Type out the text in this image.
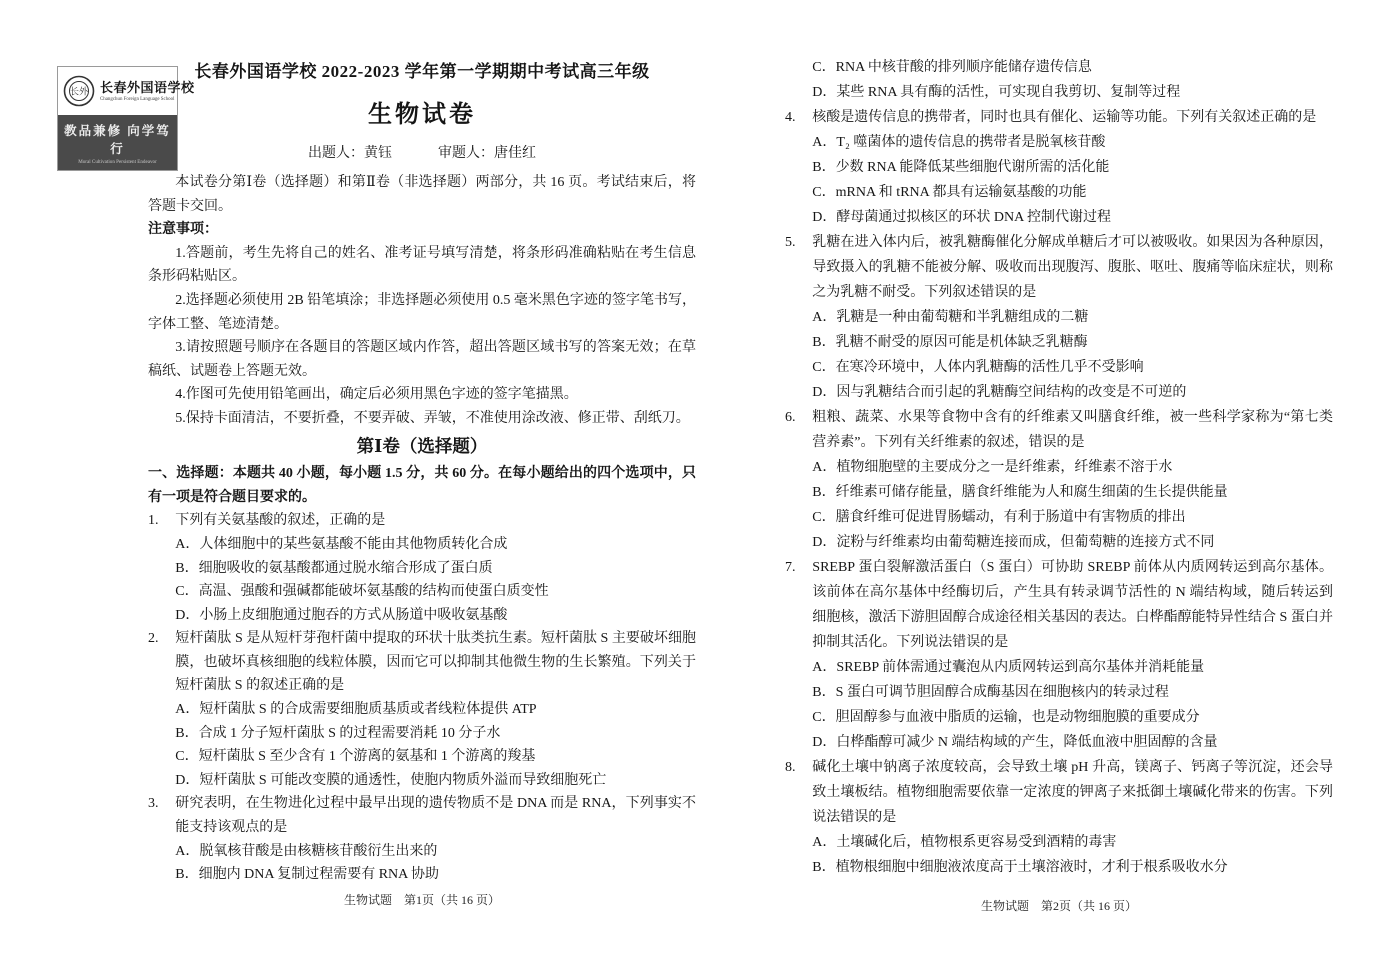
长外 长春外国语学校
Changchun Foreign Language School
教品兼修 向学笃行
Moral Cultivation Persistent Endeavor
长春外国语学校 2022-2023 学年第一学期期中考试高三年级
生物试卷
出题人：黄钰	审题人：唐佳红
本试卷分第Ⅰ卷（选择题）和第Ⅱ卷（非选择题）两部分，共 16 页。考试结束后，将答题卡交回。
注意事项：
1.答题前，考生先将自己的姓名、准考证号填写清楚，将条形码准确粘贴在考生信息条形码粘贴区。
2.选择题必须使用 2B 铅笔填涂；非选择题必须使用 0.5 毫米黑色字迹的签字笔书写，字体工整、笔迹清楚。
3.请按照题号顺序在各题目的答题区域内作答，超出答题区域书写的答案无效；在草稿纸、试题卷上答题无效。
4.作图可先使用铅笔画出，确定后必须用黑色字迹的签字笔描黑。
5.保持卡面清洁，不要折叠，不要弄破、弄皱，不准使用涂改液、修正带、刮纸刀。
第Ⅰ卷（选择题）
一、选择题：本题共 40 小题，每小题 1.5 分，共 60 分。在每小题给出的四个选项中，只有一项是符合题目要求的。
1. 下列有关氨基酸的叙述，正确的是
A．人体细胞中的某些氨基酸不能由其他物质转化合成
B．细胞吸收的氨基酸都通过脱水缩合形成了蛋白质
C．高温、强酸和强碱都能破坏氨基酸的结构而使蛋白质变性
D．小肠上皮细胞通过胞吞的方式从肠道中吸收氨基酸
2. 短杆菌肽 S 是从短杆芽孢杆菌中提取的环状十肽类抗生素。短杆菌肽 S 主要破坏细胞膜，也破坏真核细胞的线粒体膜，因而它可以抑制其他微生物的生长繁殖。下列关于短杆菌肽 S 的叙述正确的是
A．短杆菌肽 S 的合成需要细胞质基质或者线粒体提供 ATP
B．合成 1 分子短杆菌肽 S 的过程需要消耗 10 分子水
C．短杆菌肽 S 至少含有 1 个游离的氨基和 1 个游离的羧基
D．短杆菌肽 S 可能改变膜的通透性，使胞内物质外溢而导致细胞死亡
3. 研究表明，在生物进化过程中最早出现的遗传物质不是 DNA 而是 RNA，下列事实不能支持该观点的是
A．脱氧核苷酸是由核糖核苷酸衍生出来的
B．细胞内 DNA 复制过程需要有 RNA 协助
C．RNA 中核苷酸的排列顺序能储存遗传信息
D．某些 RNA 具有酶的活性，可实现自我剪切、复制等过程
4. 核酸是遗传信息的携带者，同时也具有催化、运输等功能。下列有关叙述正确的是
A．T₂ 噬菌体的遗传信息的携带者是脱氧核苷酸
B．少数 RNA 能降低某些细胞代谢所需的活化能
C．mRNA 和 tRNA 都具有运输氨基酸的功能
D．酵母菌通过拟核区的环状 DNA 控制代谢过程
5. 乳糖在进入体内后，被乳糖酶催化分解成单糖后才可以被吸收。如果因为各种原因，导致摄入的乳糖不能被分解、吸收而出现腹泻、腹胀、呕吐、腹痛等临床症状，则称之为乳糖不耐受。下列叙述错误的是
A．乳糖是一种由葡萄糖和半乳糖组成的二糖
B．乳糖不耐受的原因可能是机体缺乏乳糖酶
C．在寒冷环境中，人体内乳糖酶的活性几乎不受影响
D．因与乳糖结合而引起的乳糖酶空间结构的改变是不可逆的
6. 粗粮、蔬菜、水果等食物中含有的纤维素又叫膳食纤维，被一些科学家称为“第七类营养素”。下列有关纤维素的叙述，错误的是
A．植物细胞壁的主要成分之一是纤维素，纤维素不溶于水
B．纤维素可储存能量，膳食纤维能为人和腐生细菌的生长提供能量
C．膳食纤维可促进胃肠蠕动，有利于肠道中有害物质的排出
D．淀粉与纤维素均由葡萄糖连接而成，但葡萄糖的连接方式不同
7. SREBP 蛋白裂解激活蛋白（S 蛋白）可协助 SREBP 前体从内质网转运到高尔基体。该前体在高尔基体中经酶切后，产生具有转录调节活性的 N 端结构域，随后转运到细胞核，激活下游胆固醇合成途径相关基因的表达。白桦酯醇能特异性结合 S 蛋白并抑制其活化。下列说法错误的是
A．SREBP 前体需通过囊泡从内质网转运到高尔基体并消耗能量
B．S 蛋白可调节胆固醇合成酶基因在细胞核内的转录过程
C．胆固醇参与血液中脂质的运输，也是动物细胞膜的重要成分
D．白桦酯醇可减少 N 端结构域的产生，降低血液中胆固醇的含量
8. 碱化土壤中钠离子浓度较高，会导致土壤 pH 升高，镁离子、钙离子等沉淀，还会导致土壤板结。植物细胞需要依靠一定浓度的钾离子来抵御土壤碱化带来的伤害。下列说法错误的是
A．土壤碱化后，植物根系更容易受到酒精的毒害
B．植物根细胞中细胞液浓度高于土壤溶液时，才利于根系吸收水分
生物试题　第1页（共 16 页）	生物试题　第2页（共 16 页）
